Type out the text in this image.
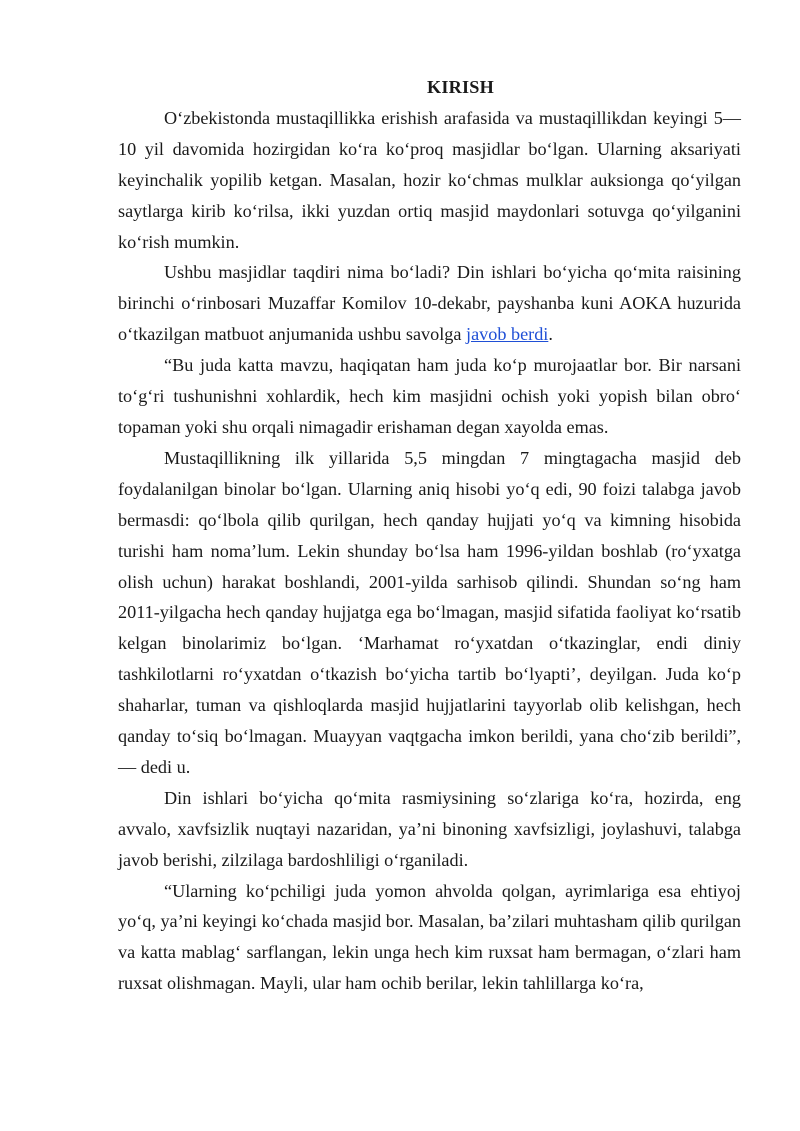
KIRISH

O‘zbekistonda mustaqillikka erishish arafasida va mustaqillikdan keyingi 5—10 yil davomida hozirgidan ko‘ra ko‘proq masjidlar bo‘lgan. Ularning aksariyati keyinchalik yopilib ketgan. Masalan, hozir ko‘chmas mulklar auksionga qo‘yilgan saytlarga kirib ko‘rilsa, ikki yuzdan ortiq masjid maydonlari sotuvga qo‘yilganini ko‘rish mumkin.

Ushbu masjidlar taqdiri nima bo‘ladi? Din ishlari bo‘yicha qo‘mita raisining birinchi o‘rinbosari Muzaffar Komilov 10-dekabr, payshanba kuni AOKA huzurida o‘tkazilgan matbuot anjumanida ushbu savolga javob berdi.

“Bu juda katta mavzu, haqiqatan ham juda ko‘p murojaatlar bor. Bir narsani to‘g‘ri tushunishni xohlardik, hech kim masjidni ochish yoki yopish bilan obro‘ topaman yoki shu orqali nimagadir erishaman degan xayolda emas.

Mustaqillikning ilk yillarida 5,5 mingdan 7 mingtagacha masjid deb foydalanilgan binolar bo‘lgan. Ularning aniq hisobi yo‘q edi, 90 foizi talabga javob bermasdi: qo‘lbola qilib qurilgan, hech qanday hujjati yo‘q va kimning hisobida turishi ham noma’lum. Lekin shunday bo‘lsa ham 1996-yildan boshlab (ro‘yxatga olish uchun) harakat boshlandi, 2001-yilda sarhisob qilindi. Shundan so‘ng ham 2011-yilgacha hech qanday hujjatga ega bo‘lmagan, masjid sifatida faoliyat ko‘rsatib kelgan binolarimiz bo‘lgan. ‘Marhamat ro‘yxatdan o‘tkazinglar, endi diniy tashkilotlarni ro‘yxatdan o‘tkazish bo‘yicha tartib bo‘lyapti’, deyilgan. Juda ko‘p shaharlar, tuman va qishloqlarda masjid hujjatlarini tayyorlab olib kelishgan, hech qanday to‘siq bo‘lmagan. Muayyan vaqtgacha imkon berildi, yana cho‘zib berildi”, — dedi u.

Din ishlari bo‘yicha qo‘mita rasmiysining so‘zlariga ko‘ra, hozirda, eng avvalo, xavfsizlik nuqtayi nazaridan, ya’ni binoning xavfsizligi, joylashuvi, talabga javob berishi, zilzilaga bardoshliligi o‘rganiladi.

“Ularning ko‘pchiligi juda yomon ahvolda qolgan, ayrimlariga esa ehtiyoj yo‘q, ya’ni keyingi ko‘chada masjid bor. Masalan, ba’zilari muhtasham qilib qurilgan va katta mablag‘ sarflangan, lekin unga hech kim ruxsat ham bermagan, o‘zlari ham ruxsat olishmagan. Mayli, ular ham ochib berilar, lekin tahlillarga ko‘ra,
